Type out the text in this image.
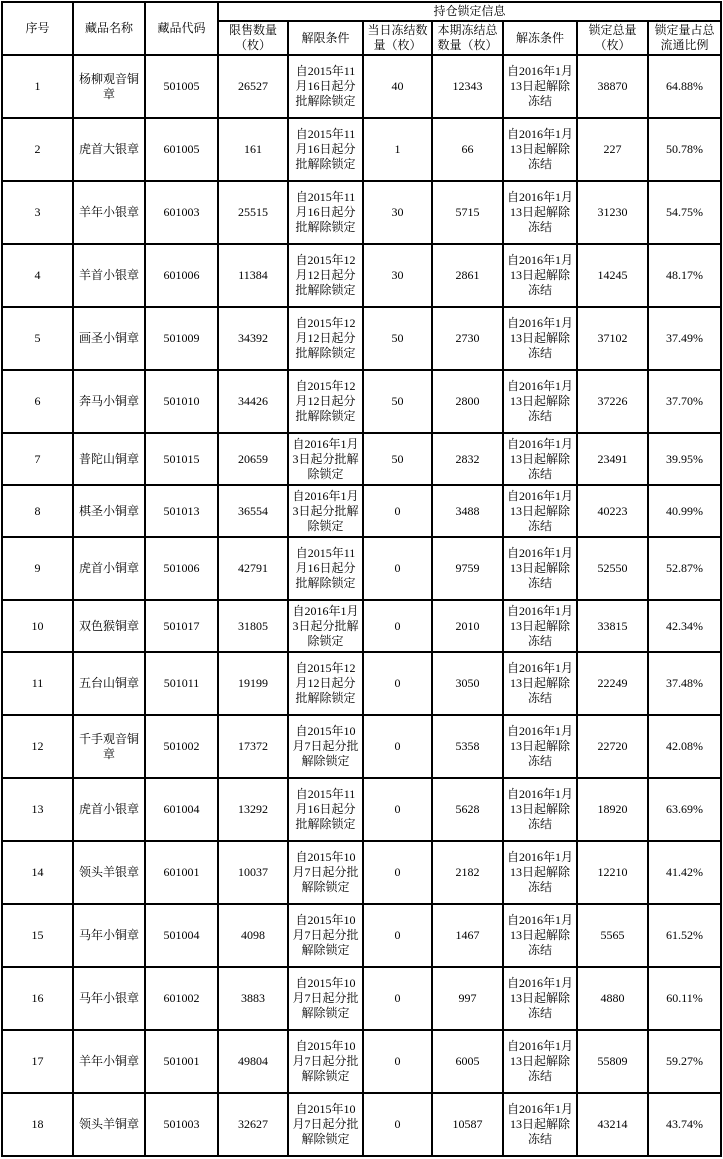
序号	藏品名称	藏品代码	持仓锁定信息						
			限售数量（枚）	解限条件	当日冻结数量（枚）	本期冻结总数量（枚）	解冻条件	锁定总量（枚）	锁定量占总流通比例
1	杨柳观音铜章	501005	26527	自2015年11月16日起分批解除锁定	40	12343	自2016年1月13日起解除冻结	38870	64.88%
2	虎首大银章	601005	161	自2015年11月16日起分批解除锁定	1	66	自2016年1月13日起解除冻结	227	50.78%
3	羊年小银章	601003	25515	自2015年11月16日起分批解除锁定	30	5715	自2016年1月13日起解除冻结	31230	54.75%
4	羊首小银章	601006	11384	自2015年12月12日起分批解除锁定	30	2861	自2016年1月13日起解除冻结	14245	48.17%
5	画圣小铜章	501009	34392	自2015年12月12日起分批解除锁定	50	2730	自2016年1月13日起解除冻结	37102	37.49%
6	奔马小铜章	501010	34426	自2015年12月12日起分批解除锁定	50	2800	自2016年1月13日起解除冻结	37226	37.70%
7	普陀山铜章	501015	20659	自2016年1月3日起分批解除锁定	50	2832	自2016年1月13日起解除冻结	23491	39.95%
8	棋圣小铜章	501013	36554	自2016年1月3日起分批解除锁定	0	3488	自2016年1月13日起解除冻结	40223	40.99%
9	虎首小铜章	501006	42791	自2015年11月16日起分批解除锁定	0	9759	自2016年1月13日起解除冻结	52550	52.87%
10	双色猴铜章	501017	31805	自2016年1月3日起分批解除锁定	0	2010	自2016年1月13日起解除冻结	33815	42.34%
11	五台山铜章	501011	19199	自2015年12月12日起分批解除锁定	0	3050	自2016年1月13日起解除冻结	22249	37.48%
12	千手观音铜章	501002	17372	自2015年10月7日起分批解除锁定	0	5358	自2016年1月13日起解除冻结	22720	42.08%
13	虎首小银章	601004	13292	自2015年11月16日起分批解除锁定	0	5628	自2016年1月13日起解除冻结	18920	63.69%
14	领头羊银章	601001	10037	自2015年10月7日起分批解除锁定	0	2182	自2016年1月13日起解除冻结	12210	41.42%
15	马年小铜章	501004	4098	自2015年10月7日起分批解除锁定	0	1467	自2016年1月13日起解除冻结	5565	61.52%
16	马年小银章	601002	3883	自2015年10月7日起分批解除锁定	0	997	自2016年1月13日起解除冻结	4880	60.11%
17	羊年小铜章	501001	49804	自2015年10月7日起分批解除锁定	0	6005	自2016年1月13日起解除冻结	55809	59.27%
18	领头羊铜章	501003	32627	自2015年10月7日起分批解除锁定	0	10587	自2016年1月13日起解除冻结	43214	43.74%
